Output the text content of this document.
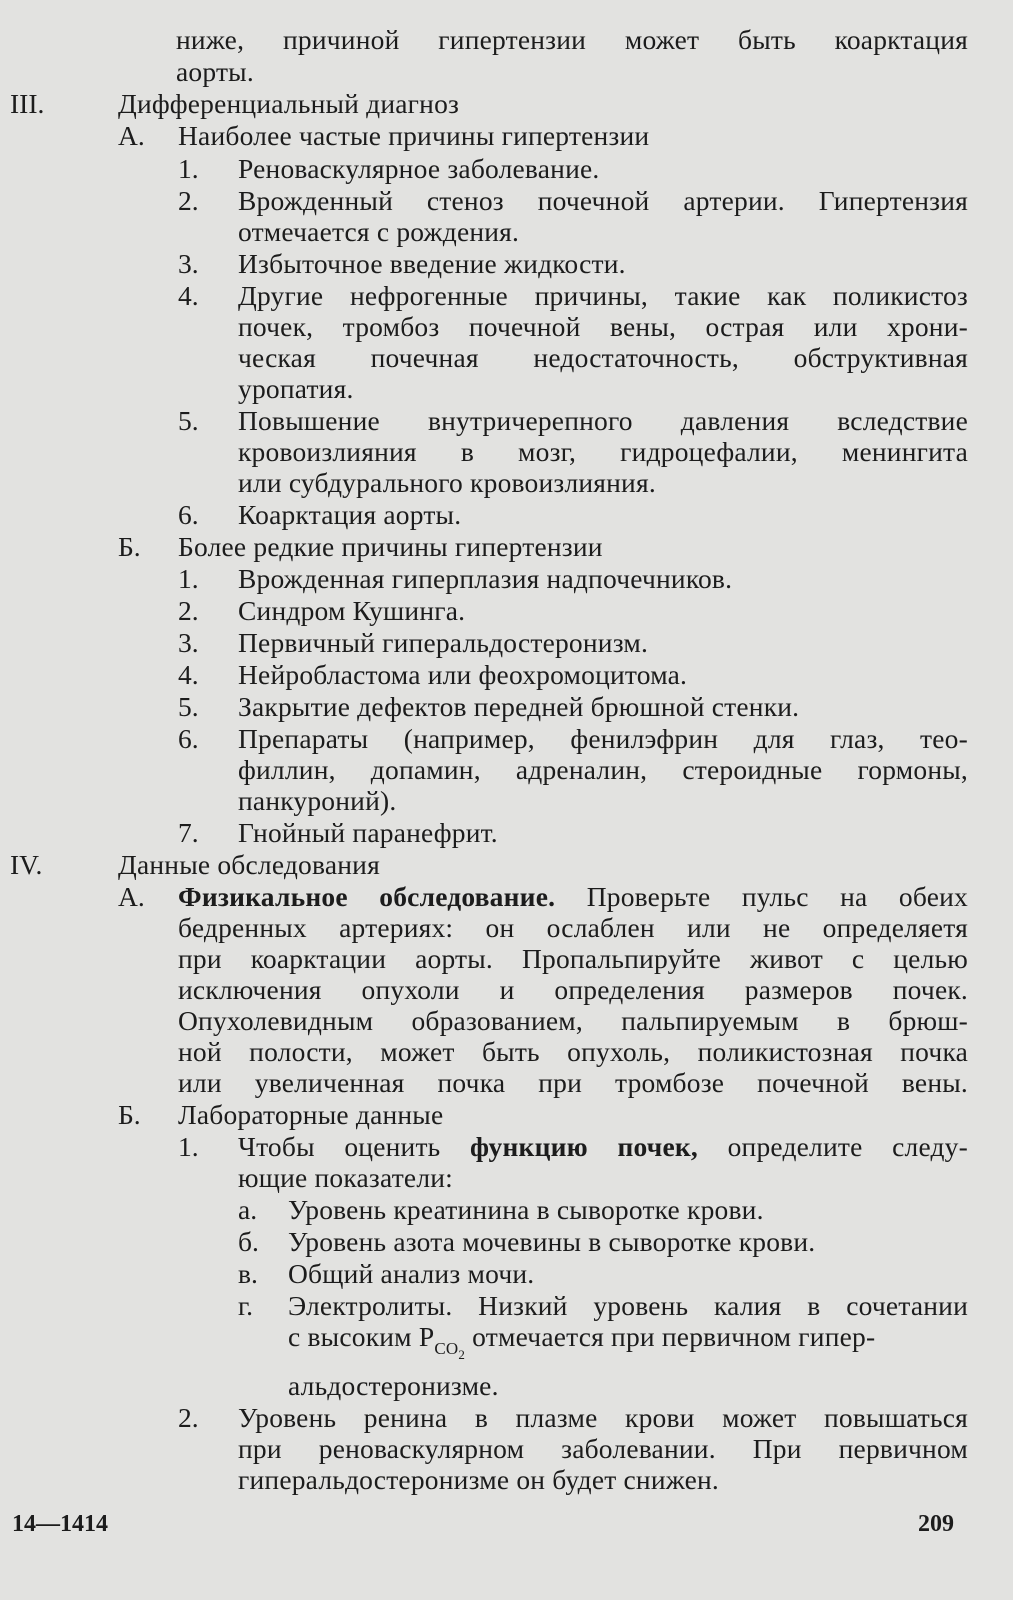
ниже, причиной гипертензии может быть коарктация
аорты.
III.	Дифференциальный диагноз
А. Наиболее частые причины гипертензии
1. Реноваскулярное заболевание.
2. Врожденный стеноз почечной артерии. Гипертензия
отмечается с рождения.
3. Избыточное введение жидкости.
4. Другие нефрогенные причины, такие как поликистоз
почек, тромбоз почечной вены, острая или хрони-
ческая почечная недостаточность, обструктивная
уропатия.
5. Повышение внутричерепного давления вследствие
кровоизлияния в мозг, гидроцефалии, менингита
или субдурального кровоизлияния.
6. Коарктация аорты.
Б. Более редкие причины гипертензии
1. Врожденная гиперплазия надпочечников.
2. Синдром Кушинга.
3. Первичный гиперальдостеронизм.
4. Нейробластома или феохромоцитома.
5. Закрытие дефектов передней брюшной стенки.
6. Препараты (например, фенилэфрин для глаз, тео-
филлин, допамин, адреналин, стероидные гормоны,
панкуроний).
7. Гнойный паранефрит.
IV.	Данные обследования
А. Физикальное обследование. Проверьте пульс на обеих
бедренных артериях: он ослаблен или не определяетя
при коарктации аорты. Пропальпируйте живот с целью
исключения опухоли и определения размеров почек.
Опухолевидным образованием, пальпируемым в брюш-
ной полости, может быть опухоль, поликистозная почка
или увеличенная почка при тромбозе почечной вены.
Б. Лабораторные данные
1. Чтобы оценить функцию почек, определите следу-
ющие показатели:
а. Уровень креатинина в сыворотке крови.
б. Уровень азота мочевины в сыворотке крови.
в. Общий анализ мочи.
г. Электролиты. Низкий уровень калия в сочетании
с высоким $P_{CO_2}$ отмечается при первичном гипер-
альдостеронизме.
2. Уровень ренина в плазме крови может повышаться
при реноваскулярном заболевании. При первичном
гиперальдостеронизме он будет снижен.
14—1414	209
